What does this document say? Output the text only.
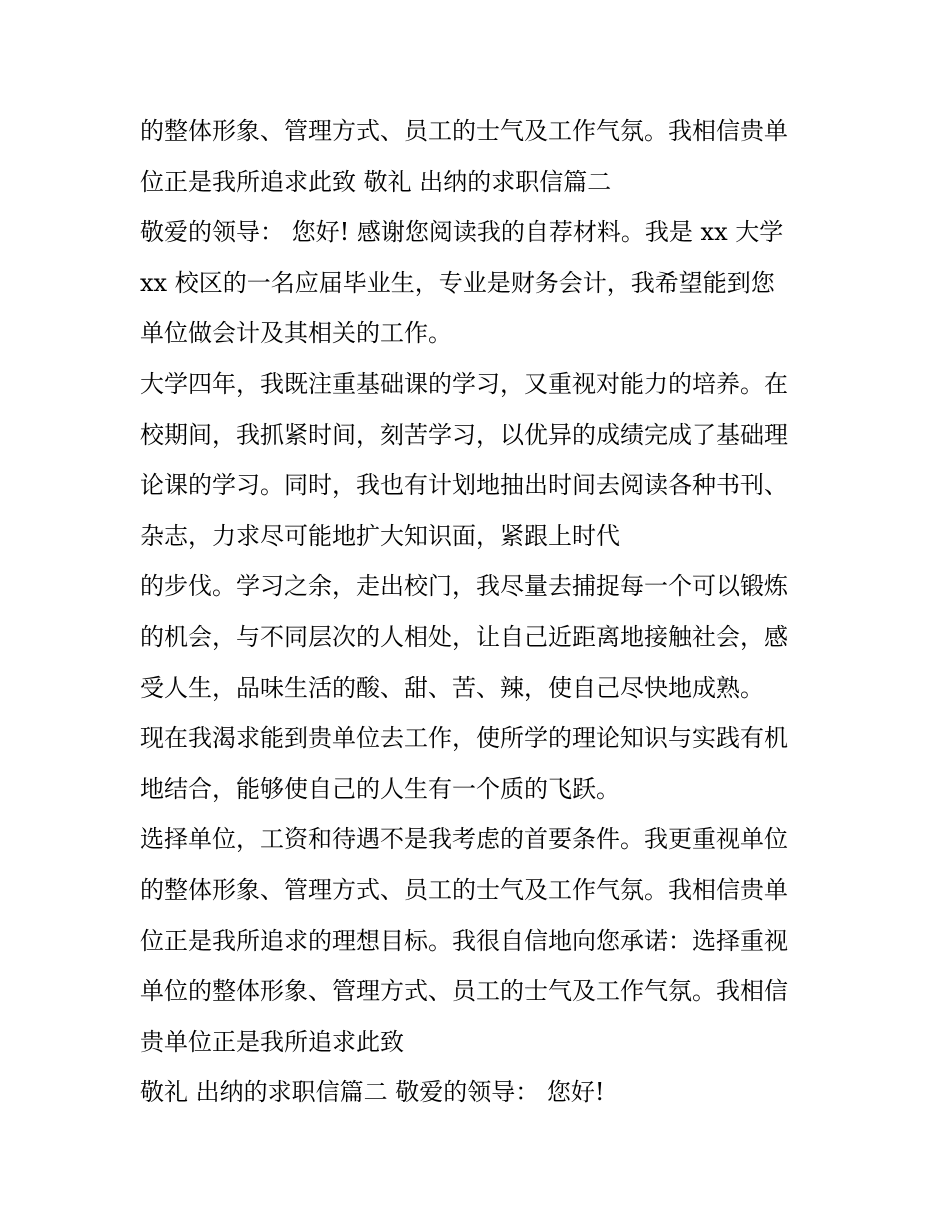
的整体形象、管理方式、员工的士气及工作气氛。我相信贵单
位正是我所追求此致 敬礼 出纳的求职信篇二
敬爱的领导： 您好! 感谢您阅读我的自荐材料。我是 xx 大学
xx 校区的一名应届毕业生，专业是财务会计，我希望能到您
单位做会计及其相关的工作。
大学四年，我既注重基础课的学习，又重视对能力的培养。在
校期间，我抓紧时间，刻苦学习，以优异的成绩完成了基础理
论课的学习。同时，我也有计划地抽出时间去阅读各种书刊、
杂志，力求尽可能地扩大知识面，紧跟上时代
的步伐。学习之余，走出校门，我尽量去捕捉每一个可以锻炼
的机会，与不同层次的人相处，让自己近距离地接触社会，感
受人生，品味生活的酸、甜、苦、辣，使自己尽快地成熟。
现在我渴求能到贵单位去工作，使所学的理论知识与实践有机
地结合，能够使自己的人生有一个质的飞跃。
选择单位，工资和待遇不是我考虑的首要条件。我更重视单位
的整体形象、管理方式、员工的士气及工作气氛。我相信贵单
位正是我所追求的理想目标。我很自信地向您承诺：选择重视
单位的整体形象、管理方式、员工的士气及工作气氛。我相信
贵单位正是我所追求此致
敬礼 出纳的求职信篇二 敬爱的领导： 您好!
